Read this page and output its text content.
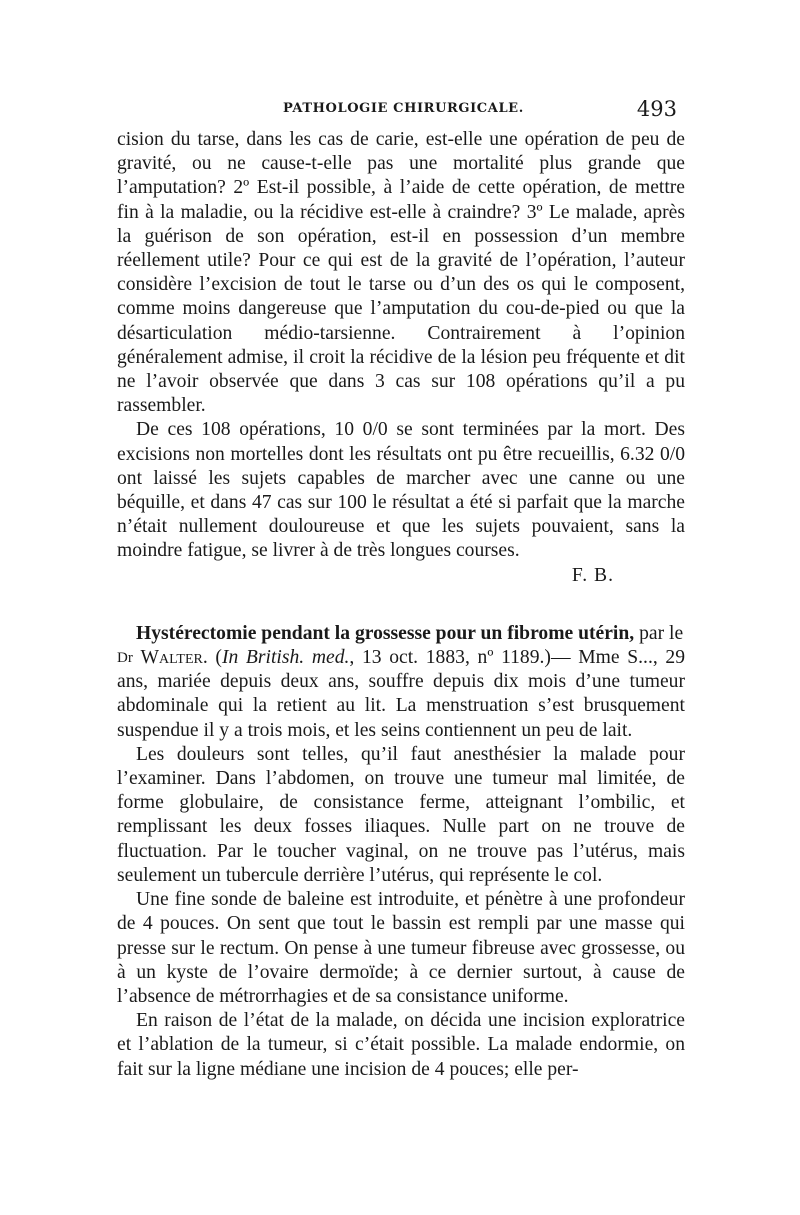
PATHOLOGIE CHIRURGICALE.	493

cision du tarse, dans les cas de carie, est-elle une opération de peu de gravité, ou ne cause-t-elle pas une mortalité plus grande que l’amputation? 2º Est-il possible, à l’aide de cette opération, de mettre fin à la maladie, ou la récidive est-elle à craindre? 3º Le malade, après la guérison de son opération, est-il en possession d’un membre réellement utile? Pour ce qui est de la gravité de l’opération, l’auteur considère l’excision de tout le tarse ou d’un des os qui le composent, comme moins dangereuse que l’amputation du cou-de-pied ou que la désarticulation médio-tarsienne. Contrairement à l’opinion généralement admise, il croit la récidive de la lésion peu fréquente et dit ne l’avoir observée que dans 3 cas sur 108 opérations qu’il a pu rassembler.

De ces 108 opérations, 10 0/0 se sont terminées par la mort. Des excisions non mortelles dont les résultats ont pu être recueillis, 6.32 0/0 ont laissé les sujets capables de marcher avec une canne ou une béquille, et dans 47 cas sur 100 le résultat a été si parfait que la marche n’était nullement douloureuse et que les sujets pouvaient, sans la moindre fatigue, se livrer à de très longues courses.

F. B.

Hystérectomie pendant la grossesse pour un fibrome utérin, par le
$^{Dr}$ Walter. (In British. med., 13 oct. 1883, nº 1189.)— Mme S..., 29 ans, mariée depuis deux ans, souffre depuis dix mois d’une tumeur abdominale qui la retient au lit. La menstruation s’est brusquement suspendue il y a trois mois, et les seins contiennent un peu de lait.

Les douleurs sont telles, qu’il faut anesthésier la malade pour l’examiner. Dans l’abdomen, on trouve une tumeur mal limitée, de forme globulaire, de consistance ferme, atteignant l’ombilic, et remplissant les deux fosses iliaques. Nulle part on ne trouve de fluctuation. Par le toucher vaginal, on ne trouve pas l’utérus, mais seulement un tubercule derrière l’utérus, qui représente le col.

Une fine sonde de baleine est introduite, et pénètre à une profondeur de 4 pouces. On sent que tout le bassin est rempli par une masse qui presse sur le rectum. On pense à une tumeur fibreuse avec grossesse, ou à un kyste de l’ovaire dermoïde; à ce dernier surtout, à cause de l’absence de métrorrhagies et de sa consistance uniforme.

En raison de l’état de la malade, on décida une incision exploratrice et l’ablation de la tumeur, si c’était possible. La malade endormie, on fait sur la ligne médiane une incision de 4 pouces; elle per-
